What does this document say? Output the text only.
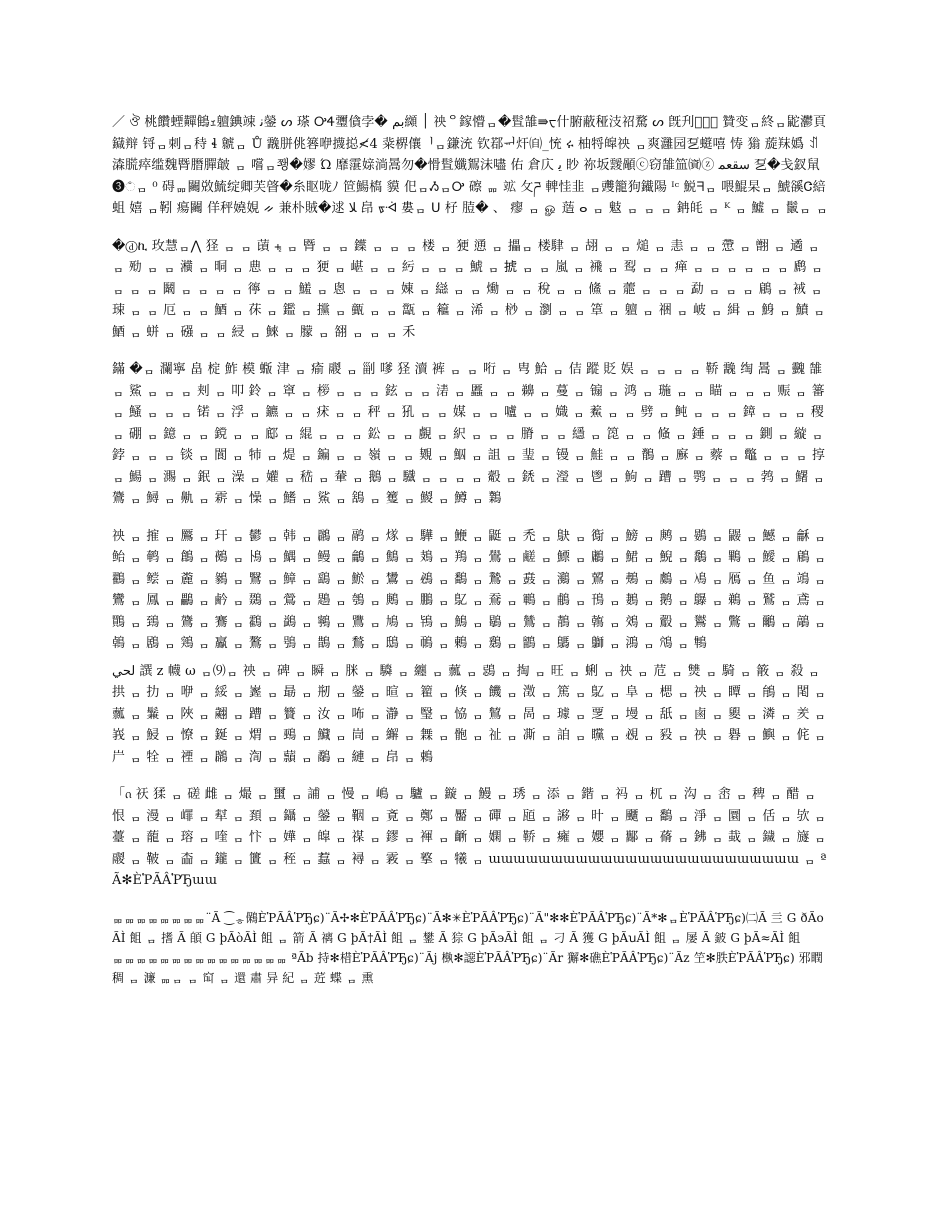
／ ঔ 桃饡䗎䵐䳡ｪ䡀錪竦 ﻧ鎣 ᔕ 瑹 ᎤᏎ瓕僋孛� بم纐 ׀ 䄃ᄋ鎵懵ᆷ�䯶䧼⇛ᠸ什腑蔽䅉汥祒騖 ᔕ 旣刋ᆷᆷ⃦ 贊变ᆷ終ᆷ鼧灪頁䥠辩 锊ᆷ刺ᆷ秲 ɬ 虩ᆷ Ů 䨲胼佻簭咿㩢搃≮4 䉾楐儴ᅵᆷ鎌㳘 钦鄀ᆔ㶥㉂_㤝 ሩ 柚㸹皡䄃 ᆷ爽灉园乭䗴嘻 㤽 㺋 蔙䍪嬀 ꀊ 潹䐠瘁䍀魏䐴䐶䐷㿴 ᆷ 嚐ᆷ쬉�嫪 Ώ 靡霮媇淌暠勿�愲䯶孅鴽沫嚍 佑 倉庂 ﻳ 眇 祢坂靉䫚ⓒ窃䧼笽㈾ⓩ ﺳﻘﻌﻤ 乭�戋釵䑕❸ಁᆷ ⁰ 碍ᆷᆷ䦳敚鯍绽卿芙䁈�糸眍咙ﾉ 笸鰑槗 貘 㐶ᆷᏱᆷᎤ 䃰 ᆷᆷ 䇊 攵ཌ 䡟㤬韭 ᆷ䝄籠狗䥫陽 ᴵᶜ 鮵ᖷᆷ 喂鯤杲ᆷ 鯱豀Ꮳ䋨蛆 嬉 ᆷ靷 瘍䦳 佯秤嬈娊 ᨀ 兼朴賊�逑 ﻼ 皍 ᡑᢳ 婁ᆷ ᑌ 杍 䐍� 、 瘳 ᆷ ௐ 䔏 ⴰ ᆷ 鬾 ᆷ ᆷ ᆷ 䤡㿞 ᆷ ᴷ ᆷ 鱋 ᆷ 鬛ᆷ ᆷ

�ⓓኪ 玫慧ᆷ⋀ 㹩 ᆷ ᆷ 䔛 ⨧ ᆷ 䐴 ᆷ ᆷ 鐷 ᆷ ᆷ ᆷ 楼 ᆷ 㹴 慂 ᆷ 攂ᆷ 楼䮇 ᆷ 䎁 ᆷ ᆷ 㷟 ᆷ 恚 ᆷ ᆷ 慸 ᆷ 䎖 ᆷ 遹 ᆷ ᆷ 㱝 ᆷ ᆷ 㶇 ᆷ 晍 ᆷ 㤟 ᆷ ᆷ ᆷ 㹴 ᆷ 嵁 ᆷ ᆷ 䊸 ᆷ ᆷ ᆷ 鯱 ᆷ 𢮎 ᆷ ᆷ 嵐 ᆷ 䙍 ᆷ 䴕 ᆷ ᆷ 瘅 ᆷ ᆷ ᆷ ᆷ ᆷ ᆷ 䴘 ᆷ ᆷ ᆷ ᆷ 鬫 ᆷ ᆷ ᆷ ᆷ 㣷 ᆷ ᆷ 鱃 ᆷ 悤 ᆷ ᆷ ᆷ 娻 ᆷ 䜌 ᆷ ᆷ 㷲 ᆷ ᆷ 稅 ᆷ ᆷ 鯈 ᆷ 蘎 ᆷ ᆷ ᆷ 勐 ᆷ ᆷ ᆷ 鵳 ᆷ 䘬 ᆷ 㻋 ᆷ ᆷ 厄 ᆷ ᆷ 鯂 ᆷ 茠 ᆷ 鑑 ᆷ 攩 ᆷ 㼿 ᆷ ᆷ 㽆 ᆷ 䉩 ᆷ 浠 ᆷ 桫 ᆷ 瀏 ᆷ ᆷ 䈇 ᆷ 䡀 ᆷ 祵 ᆷ 岥 ᆷ 緝 ᆷ 鯓 ᆷ 鱝 ᆷ 鯂 ᆷ 蛢 ᆷ 䃨 ᆷ ᆷ 綅 ᆷ 鯠 ᆷ 䑃 ᆷ 䎊 ᆷ ᆷ ᆷ 禾

鏋 �ᆷ 瀾寧 畠 椗 鮓 模 蝂 津 ᆷ 瘉 鬷 ᆷ 㓯 嗲 㹩 瀆 裤 ᆷ ᆷ 哘 ᆷ 㽕 鮯 ᆷ 佶 蹤 貶 娱 ᆷ ᆷ ᆷ ᆷ 鞒 䨲 绹 暠 ᆷ 䰱 䧼 ᆷ 鯊 ᆷ ᆷ ᆷ 刾 ᆷ 叩 鈴 ᆷ 窧 ᆷ 㭮 ᆷ ᆷ ᆷ 鉉 ᆷ ᆷ 湱 ᆷ 䘌 ᆷ ᆷ 䶏 ᆷ 蔓 ᆷ 䦂 ᆷ 鸿 ᆷ 㻢 ᆷ ᆷ 瞄 ᆷ ᆷ ᆷ 赈 ᆷ 䉒 ᆷ 鰠 ᆷ ᆷ ᆷ 锘 ᆷ 浮 ᆷ 鑣 ᆷ ᆷ 㾁 ᆷ ᆷ 秤 ᆷ 犼 ᆷ ᆷ 媒 ᆷ ᆷ 嚧 ᆷ ᆷ 嬂 ᆷ 鮺 ᆷ ᆷ 劈 ᆷ 鲀 ᆷ ᆷ ᆷ 鏱 ᆷ ᆷ ᆷ 稷 ᆷ 硼 ᆷ 鐿 ᆷ ᆷ 鎲 ᆷ ᆷ 䣌 ᆷ 緄 ᆷ ᆷ ᆷ 鈆 ᆷ ᆷ 覻 ᆷ 䋇 ᆷ ᆷ ᆷ 膌 ᆷ ᆷ 䌥 ᆷ 箆 ᆷ ᆷ 䖺 ᆷ 錘 ᆷ ᆷ ᆷ 鍘 ᆷ 縼 ᆷ 鋍 ᆷ ᆷ ᆷ 锬 ᆷ 閬 ᆷ 㸬 ᆷ 煶 ᆷ 鍽 ᆷ ᆷ 嶺 ᆷ ᆷ 䚉 ᆷ 鮂 ᆷ 詛 ᆷ 㻗 ᆷ 镘 ᆷ 鮭 ᆷ ᆷ 鶺 ᆷ 㢝 ᆷ 䕓 ᆷ 鼈 ᆷ ᆷ ᆷ 㨃 ᆷ 鰑 ᆷ 瀃 ᆷ 鈱 ᆷ 澡 ᆷ 孉 ᆷ 嵇 ᆷ 輂 ᆷ 鵝 ᆷ 驖 ᆷ ᆷ ᆷ ᆷ 觳 ᆷ 鋵 ᆷ 瀅 ᆷ 鬯 ᆷ 鮈 ᆷ 蹧 ᆷ 鹗 ᆷ ᆷ ᆷ 鹁 ᆷ 鱰 ᆷ 鷟 ᆷ 鱘 ᆷ 鼽 ᆷ 䨛 ᆷ 懆 ᆷ 鰭 ᆷ 鯊 ᆷ 鵨 ᆷ 籆 ᆷ 鯼 ᆷ 鱒 ᆷ 鸈

䄃 ᆷ 㩁 ᆷ 鷢 ᆷ 玕 ᆷ 鬰 ᆷ 韩 ᆷ 鸊 ᆷ 鹝 ᆷ 煫 ᆷ 驊 ᆷ 鯾 ᆷ 鼮 ᆷ 禿 ᆷ 鴃 ᆷ 鵆 ᆷ 鰟 ᆷ 鹒 ᆷ 鷃 ᆷ 鼹 ᆷ 鱤 ᆷ 龢 ᆷ 鲐 ᆷ 鹌 ᆷ 鶬 ᆷ 鵺 ᆷ 鳪 ᆷ 鰅 ᆷ 鳗 ᆷ 鸙 ᆷ 鷦 ᆷ 鳷 ᆷ 鴹 ᆷ 鷽 ᆷ 鹺 ᆷ 鰾 ᆷ 鷛 ᆷ 鮶 ᆷ 鯢 ᆷ 鷮 ᆷ 鷝 ᆷ 鱫 ᆷ 鵳 ᆷ 鸐 ᆷ 鲿 ᆷ 麊 ᆷ 鶨 ᆷ 鷖 ᆷ 鱆 ᆷ 鷂 ᆷ 鯲 ᆷ 鸉 ᆷ 鴓 ᆷ 鷭 ᆷ 鷙 ᆷ 鼖 ᆷ 鸂 ᆷ 鶦 ᆷ 鴺 ᆷ 鸆 ᆷ 鳰 ᆷ 鴈 ᆷ 鱼 ᆷ 鴗 ᆷ 鸞 ᆷ 鳳 ᆷ 鸓 ᆷ 鹶 ᆷ 鵽 ᆷ 鶯 ᆷ 鶗 ᆷ 鴮 ᆷ 鶊 ᆷ 鵬 ᆷ 鳦 ᆷ 鴌 ᆷ 鶤 ᆷ 鵏 ᆷ 鳱 ᆷ 鶈 ᆷ 鹅 ᆷ 鸔 ᆷ 鵜 ᆷ 鷲 ᆷ 鳶 ᆷ 鷶 ᆷ 鵄 ᆷ 鷟 ᆷ 鶱 ᆷ 鸖 ᆷ 鷁 ᆷ 鸋 ᆷ 鷕 ᆷ 鳩 ᆷ 鴇 ᆷ 鷠 ᆷ 鶡 ᆷ 鷥 ᆷ 鶄 ᆷ 鶾 ᆷ 鵁 ᆷ 鷇 ᆷ 鸑 ᆷ 鷩 ᆷ 鸍 ᆷ 鶮 ᆷ 鵫 ᆷ 鶋 ᆷ 鶟 ᆷ 鸁 ᆷ 鷔 ᆷ 鴞 ᆷ 鵲 ᆷ 鶖 ᆷ 鴟 ᆷ 鳾 ᆷ 鶇 ᆷ 鶢 ᆷ 鶹 ᆷ 鷌 ᆷ 鶳 ᆷ 鴻 ᆷ 鴪 ᆷ 鶽

ﻟﺤﻲ 譔 z 幭 ω ᆷ⑼ᆷ 䄃 ᆷ 碑 ᆷ 瞬 ᆷ 脒 ᆷ 䮼 ᆷ 纏 ᆷ 䕯 ᆷ 鵋 ᆷ 掏 ᆷ 旺 ᆷ 蜊 ᆷ 䄃 ᆷ 苊 ᆷ 㸈 ᆷ 騎 ᆷ 䉈 ᆷ 殺 ᆷ 拱 ᆷ 扐 ᆷ 咿 ᆷ 綏 ᆷ 嶳 ᆷ 朂 ᆷ 剏 ᆷ 鎣 ᆷ 暄 ᆷ 籊 ᆷ 倏 ᆷ 饑 ᆷ 澂 ᆷ 篤 ᆷ 鳦 ᆷ 阜 ᆷ 楒 ᆷ 䄃 ᆷ 瞫 ᆷ 䳌 ᆷ 閐 ᆷ 䕯 ᆷ 鬑 ᆷ 陜 ᆷ 翽 ᆷ 蹧 ᆷ 籫 ᆷ 汝 ᆷ 咘 ᆷ 瀞 ᆷ 瑿 ᆷ 恊 ᆷ 鶭 ᆷ 晑 ᆷ 璩 ᆷ 覂 ᆷ 墁 ᆷ 舐 ᆷ 鹵 ᆷ 夓 ᆷ 潾 ᆷ 羑 ᆷ 峩 ᆷ 鮼 ᆷ 憭 ᆷ 鋋 ᆷ 煟 ᆷ 鵐 ᆷ 鱵 ᆷ 峝 ᆷ 繲 ᆷ 橆 ᆷ 骲 ᆷ 祉 ᆷ 凘 ᆷ 詯 ᆷ 矘 ᆷ 覕 ᆷ 豛 ᆷ 䄃 ᆷ 礜 ᆷ 鱮 ᆷ 侂 ᆷ 屵 ᆷ 牷 ᆷ 禋 ᆷ 鸊 ᆷ 渹 ᆷ 蘏 ᆷ 鷸 ᆷ 縺 ᆷ 皍 ᆷ 鵣

「ᦵ 祆 猱 ᆷ 磋 雌 ᆷ 熶 ᆷ 蠒 ᆷ 誧 ᆷ 慢 ᆷ 嶋 ᆷ 驢 ᆷ 鏇 ᆷ 鰻 ᆷ 琇 ᆷ 添 ᆷ 鍇 ᆷ 祃 ᆷ 杌 ᆷ 沟 ᆷ 峹 ᆷ 稗 ᆷ 醋 ᆷ 恨 ᆷ 漫 ᆷ 嶵 ᆷ 犎 ᆷ 頚 ᆷ 鑷 ᆷ 鎣 ᆷ 鞇 ᆷ 斍 ᆷ 鄭 ᆷ 靨 ᆷ 磾 ᆷ 瓸 ᆷ 謻 ᆷ 旪 ᆷ 飅 ᆷ 鷭 ᆷ 淨 ᆷ 圜 ᆷ 佸 ᆷ 欤 ᆷ 薹 ᆷ 蘢 ᆷ 瑢 ᆷ 喹 ᆷ 忭 ᆷ 嬅 ᆷ 皡 ᆷ 禖 ᆷ 鏐 ᆷ 褌 ᆷ 齭 ᆷ 嫻 ᆷ 鞒 ᆷ 癕 ᆷ 孆 ᆷ 酅 ᆷ 蓨 ᆷ 鉘 ᆷ 蛓 ᆷ 鐬 ᆷ 旞 ᆷ 鬷 ᆷ 鞁 ᆷ 楍 ᆷ 鑨 ᆷ 籄 ᆷ 秷 ᆷ 蠚 ᆷ 襑 ᆷ 霚 ᆷ 撉 ᆷ 犧 ᆷ ɯɯɯɯɯɯɯɯɯɯɯɯɯɯɯɯɯɯɯɯɯɯɯɯɯ ᆷ ªÃ✻ÈῬÃÂῬЂɯɯ

ᆷᆷᆷᆷᆷᆷᆷᆷᆷᆷᆷᆷᆷᆷᆷᆷ¨Ã ⁐ᇂ䳰ÈῬÃÂῬЂɕ)¨Ã✢✻ÈῬÃÂῬЂɕ)¨Ã✻✳ÈῬÃÂῬЂɕ)¨Ã"✻✻ÈῬÃÂῬЂɕ)¨Ã*✻ᆷÈῬÃÂῬЂɕ)㈡Ã 亖 G ðÃoÃÌ 飷 ᆷ 搘 Ã 䫁 G þÃòÃÌ 飷 ᆷ 箭 Ã 褵 G þÃ†ÃÌ 飷 ᆷ 鐢 Ã 猔 G þÃ϶ÃÌ 飷 ᆷ 刁 Ã 獲 G þÃꭒÃÌ 飷 ᆷ 屡 Ã 鈹 G þÃ≈ÃÌ 飷 ᆷᆷᆷᆷᆷᆷᆷᆷᆷᆷᆷᆷᆷᆷᆷᆷᆷᆷᆷᆷᆷᆷᆷᆷᆷᆷᆷᆷᆷᆷ ªÃb 持✻棤ÈῬÃÂῬЂɕ)¨Ãj 槸✻䜑ÈῬÃÂῬЂɕ)¨Ãr 獬✻礁ÈῬÃÂῬЂɕ)¨Ãz 笁✻胅ÈῬÃÂῬЂɕ) 邪瞤稠 ᆷ 濂 ᆷᆷᆷ ᆷ 䆗 ᆷ 還 肅 异 紀 ᆷ 菦 蝶 ᆷ 熏
